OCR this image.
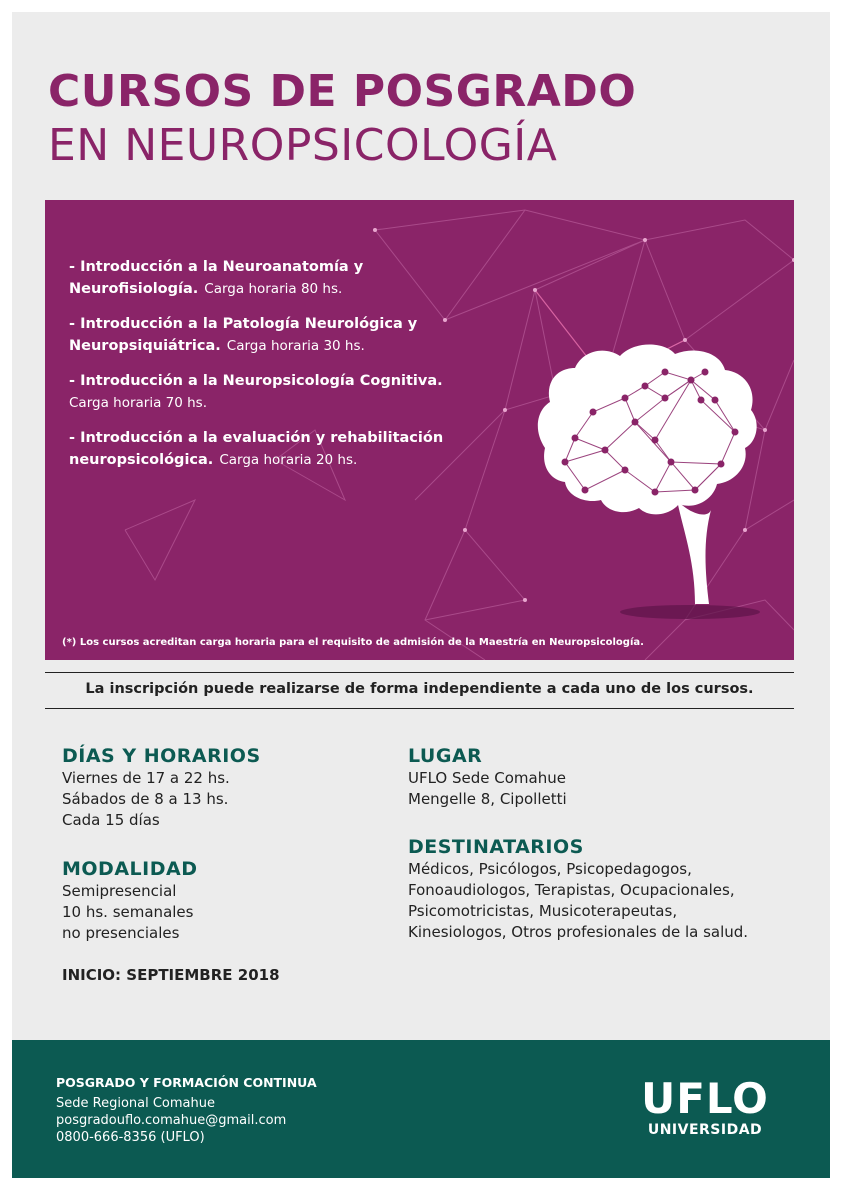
CURSOS DE POSGRADO
EN NEUROPSICOLOGÍA
- Introducción a la Neuroanatomía y Neurofisiología. Carga horaria 80 hs.
- Introducción a la Patología Neurológica y Neuropsiquiátrica. Carga horaria 30 hs.
- Introducción a la Neuropsicología Cognitiva.
Carga horaria 70 hs.
- Introducción a la evaluación y rehabilitación neuropsicológica. Carga horaria 20 hs.
(*) Los cursos acreditan carga horaria para el requisito de admisión de la Maestría en Neuropsicología.
La inscripción puede realizarse de forma independiente a cada uno de los cursos.
DÍAS Y HORARIOS
Viernes de 17 a 22 hs.
Sábados de 8 a 13 hs.
Cada 15 días
MODALIDAD
Semipresencial
10 hs. semanales
no presenciales
INICIO: SEPTIEMBRE 2018
LUGAR
UFLO Sede Comahue
Mengelle 8, Cipolletti
DESTINATARIOS
Médicos, Psicólogos, Psicopedagogos,
Fonoaudiologos, Terapistas, Ocupacionales,
Psicomotricistas, Musicoterapeutas,
Kinesiologos, Otros profesionales de la salud.
POSGRADO Y FORMACIÓN CONTINUA
Sede Regional Comahue
posgradouflo.comahue@gmail.com
0800-666-8356 (UFLO)
UFLO
UNIVERSIDAD
